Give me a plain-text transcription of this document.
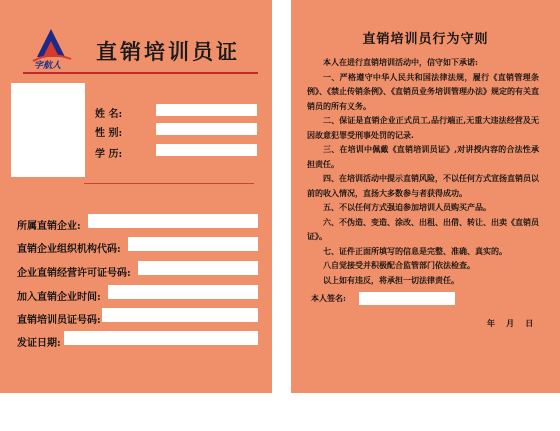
字航人
直销培训员证
姓 名:
性 别:
学 历:
所属直销企业:
直销企业组织机构代码:
企业直销经营许可证号码:
加入直销企业时间:
直销培训员证号码:
发证日期:
直销培训员行为守则

本人在进行直销培训活动中，信守如下承诺:

一、严格遵守中华人民共和国法律法规，履行《直销管理条例》、《禁止传销条例》、《直销员业务培训管理办法》规定的有关直销员的所有义务。

二、保证是直销企业正式员工,品行端正,无重大违法经营及无因故意犯罪受刑事处罚的记录.

三、在培训中佩戴《直销培训员证》,对讲授内容的合法性承担责任。

四、在培训活动中提示直销风险，不以任何方式宣扬直销员以前的收入情况，直扬大多数参与者获得成功。

五、不以任何方式强迫参加培训人员购买产品。

六、不伪造、变造、涂改、出租、出借、转让、出卖《直销员证》。

七、证件正面所填写的信息是完整、准确、真实的。

八自觉接受并积极配合监管部门依法检查。

以上如有违反，将承担一切法律责任。

本人签名:
年    月    日
